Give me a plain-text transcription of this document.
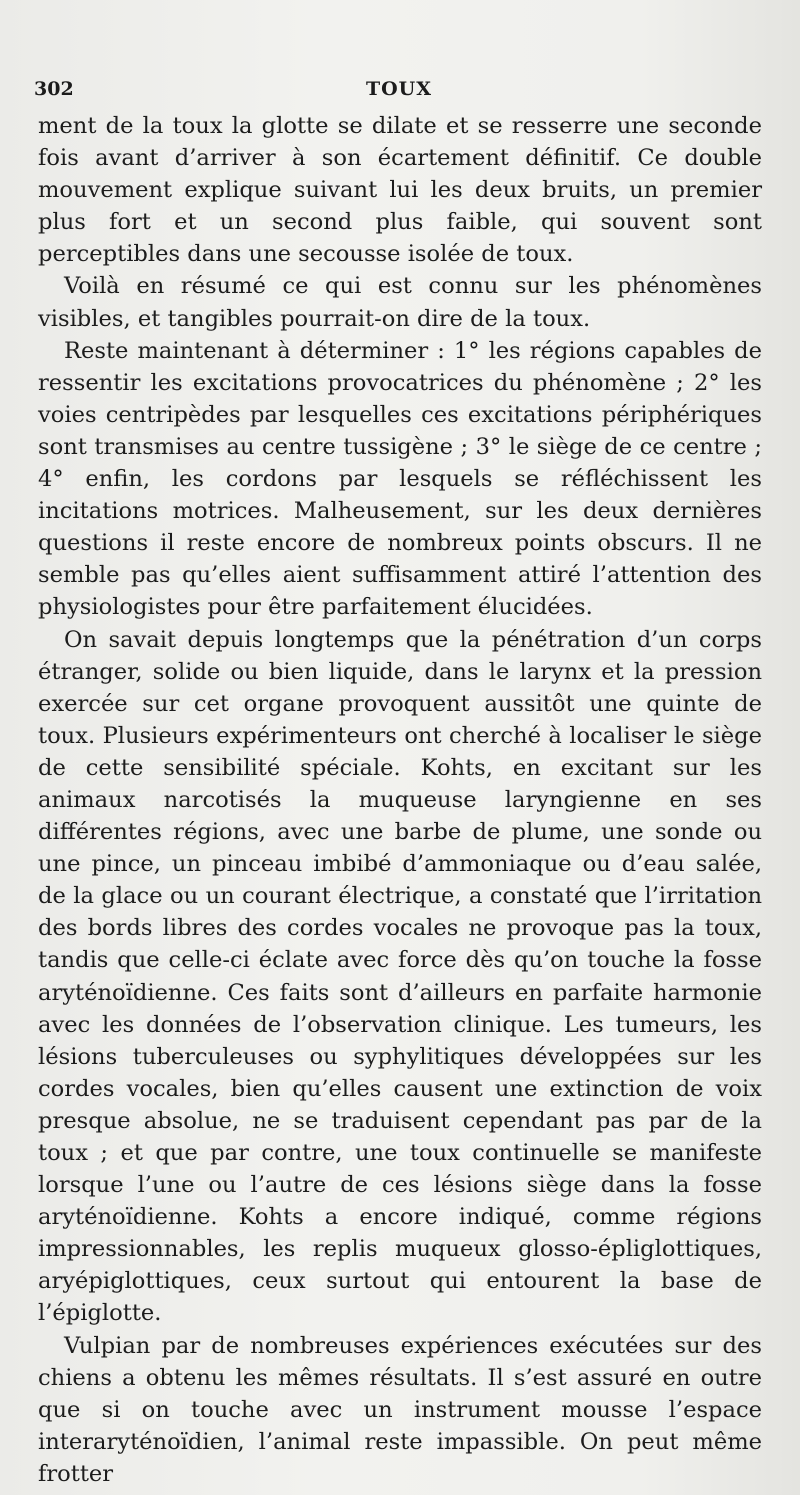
302	TOUX

ment de la toux la glotte se dilate et se resserre une seconde fois avant d’arriver à son écartement définitif. Ce double mouvement explique suivant lui les deux bruits, un premier plus fort et un second plus faible, qui souvent sont perceptibles dans une secousse isolée de toux.

Voilà en résumé ce qui est connu sur les phénomènes visibles, et tangibles pourrait-on dire de la toux.

Reste maintenant à déterminer : 1° les régions capables de ressentir les excitations provocatrices du phénomène ; 2° les voies centripèdes par lesquelles ces excitations périphériques sont transmises au centre tussigène ; 3° le siège de ce centre ; 4° enfin, les cordons par lesquels se réfléchissent les incitations motrices. Malheusement, sur les deux dernières questions il reste encore de nombreux points obscurs. Il ne semble pas qu’elles aient suffisamment attiré l’attention des physiologistes pour être parfaitement élucidées.

On savait depuis longtemps que la pénétration d’un corps étranger, solide ou bien liquide, dans le larynx et la pression exercée sur cet organe provoquent aussitôt une quinte de toux. Plusieurs expérimenteurs ont cherché à localiser le siège de cette sensibilité spéciale. Kohts, en excitant sur les animaux narcotisés la muqueuse laryngienne en ses différentes régions, avec une barbe de plume, une sonde ou une pince, un pinceau imbibé d’ammoniaque ou d’eau salée, de la glace ou un courant électrique, a constaté que l’irritation des bords libres des cordes vocales ne provoque pas la toux, tandis que celle-ci éclate avec force dès qu’on touche la fosse aryténoïdienne. Ces faits sont d’ailleurs en parfaite harmonie avec les données de l’observation clinique. Les tumeurs, les lésions tuberculeuses ou syphylitiques développées sur les cordes vocales, bien qu’elles causent une extinction de voix presque absolue, ne se traduisent cependant pas par de la toux ; et que par contre, une toux continuelle se manifeste lorsque l’une ou l’autre de ces lésions siège dans la fosse aryténoïdienne. Kohts a encore indiqué, comme régions impressionnables, les replis muqueux glosso-épliglottiques, aryépiglottiques, ceux surtout qui entourent la base de l’épiglotte.

Vulpian par de nombreuses expériences exécutées sur des chiens a obtenu les mêmes résultats. Il s’est assuré en outre que si on touche avec un instrument mousse l’espace interaryténoïdien, l’animal reste impassible. On peut même frotter
